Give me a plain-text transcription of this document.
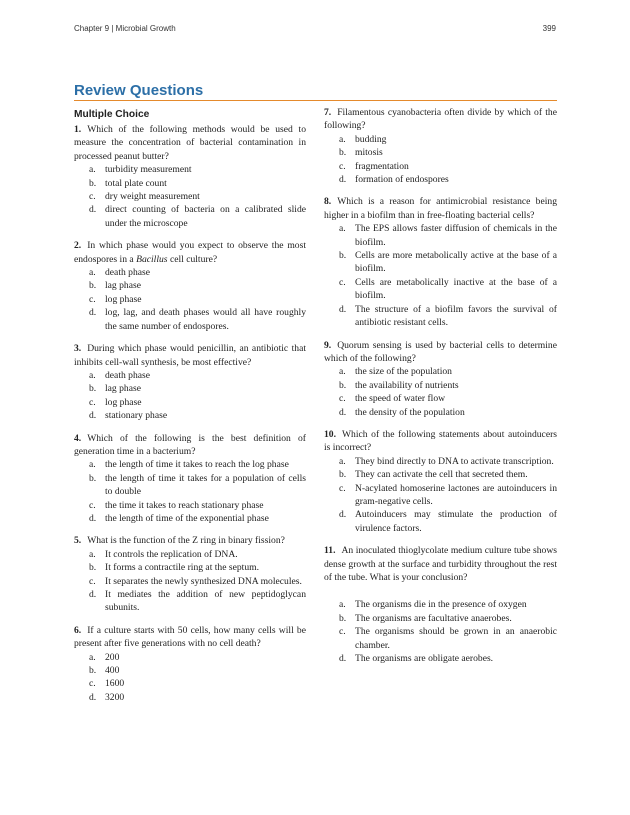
Chapter 9 | Microbial Growth	399
Review Questions
Multiple Choice

1. Which of the following methods would be used to measure the concentration of bacterial contamination in processed peanut butter?

a. turbidity measurement
b. total plate count
c. dry weight measurement
d. direct counting of bacteria on a calibrated slide under the microscope

2. In which phase would you expect to observe the most endospores in a Bacillus cell culture?

a. death phase
b. lag phase
c. log phase
d. log, lag, and death phases would all have roughly the same number of endospores.

3. During which phase would penicillin, an antibiotic that inhibits cell-wall synthesis, be most effective?

a. death phase
b. lag phase
c. log phase
d. stationary phase

4. Which of the following is the best definition of generation time in a bacterium?

a. the length of time it takes to reach the log phase
b. the length of time it takes for a population of cells to double
c. the time it takes to reach stationary phase
d. the length of time of the exponential phase

5. What is the function of the Z ring in binary fission?

a. It controls the replication of DNA.
b. It forms a contractile ring at the septum.
c. It separates the newly synthesized DNA molecules.
d. It mediates the addition of new peptidoglycan subunits.

6. If a culture starts with 50 cells, how many cells will be present after five generations with no cell death?

a. 200
b. 400
c. 1600
d. 3200

7. Filamentous cyanobacteria often divide by which of the following?

a. budding
b. mitosis
c. fragmentation
d. formation of endospores

8. Which is a reason for antimicrobial resistance being higher in a biofilm than in free-floating bacterial cells?

a. The EPS allows faster diffusion of chemicals in the biofilm.
b. Cells are more metabolically active at the base of a biofilm.
c. Cells are metabolically inactive at the base of a biofilm.
d. The structure of a biofilm favors the survival of antibiotic resistant cells.

9. Quorum sensing is used by bacterial cells to determine which of the following?

a. the size of the population
b. the availability of nutrients
c. the speed of water flow
d. the density of the population

10. Which of the following statements about autoinducers is incorrect?

a. They bind directly to DNA to activate transcription.
b. They can activate the cell that secreted them.
c. N-acylated homoserine lactones are autoinducers in gram-negative cells.
d. Autoinducers may stimulate the production of virulence factors.

11. An inoculated thioglycolate medium culture tube shows dense growth at the surface and turbidity throughout the rest of the tube. What is your conclusion?

a. The organisms die in the presence of oxygen
b. The organisms are facultative anaerobes.
c. The organisms should be grown in an anaerobic chamber.
d. The organisms are obligate aerobes.
